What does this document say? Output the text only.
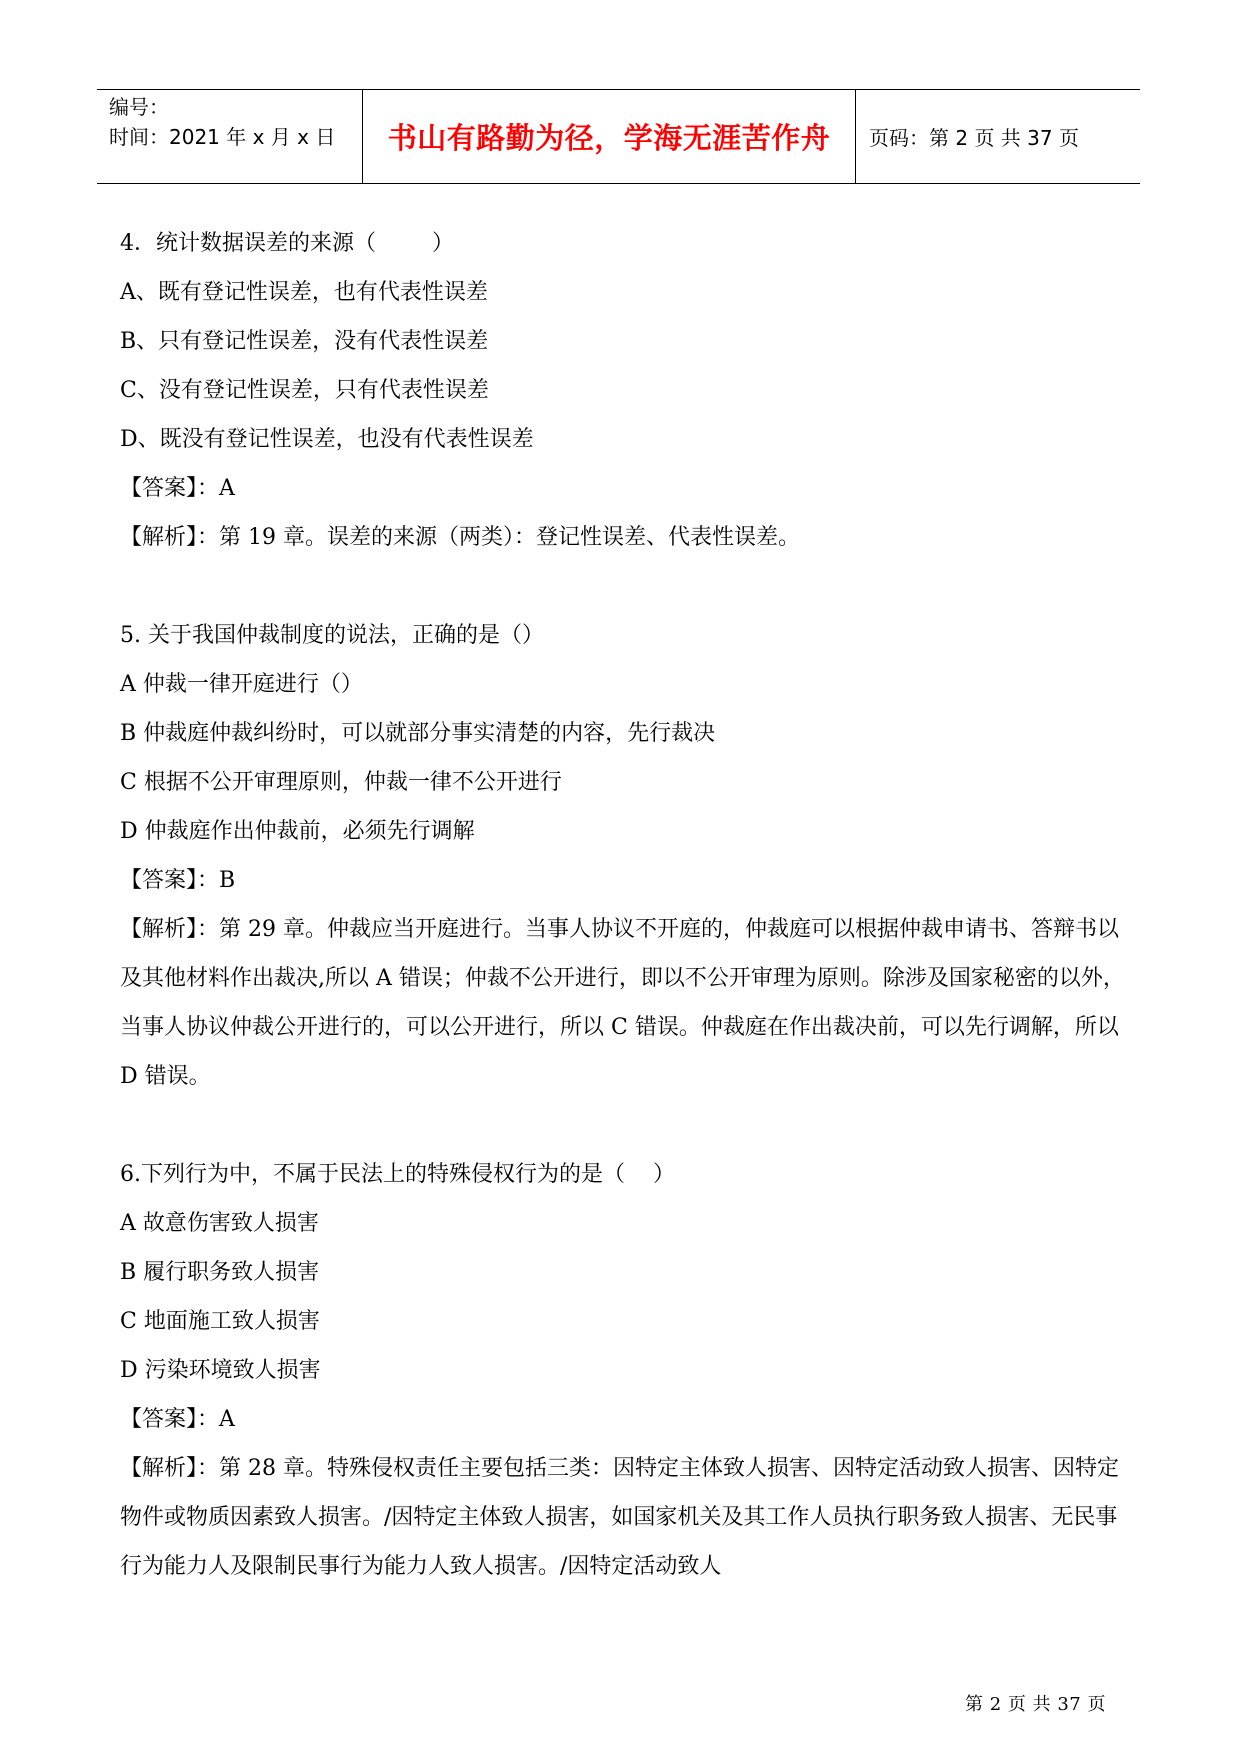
编号：
时间：2021 年 x 月 x 日	书山有路勤为径，学海无涯苦作舟	页码：第 2 页 共 37 页
4．统计数据误差的来源（        ）
A、既有登记性误差，也有代表性误差
B、只有登记性误差，没有代表性误差
C、没有登记性误差，只有代表性误差
D、既没有登记性误差，也没有代表性误差
【答案】：A
【解析】：第 19 章。误差的来源（两类）：登记性误差、代表性误差。
5. 关于我国仲裁制度的说法，正确的是（）
A 仲裁一律开庭进行（）
B 仲裁庭仲裁纠纷时，可以就部分事实清楚的内容，先行裁决
C 根据不公开审理原则，仲裁一律不公开进行
D 仲裁庭作出仲裁前，必须先行调解
【答案】：B
【解析】：第 29 章。仲裁应当开庭进行。当事人协议不开庭的，仲裁庭可以根据仲裁申请书、答辩书以及其他材料作出裁决,所以 A 错误；仲裁不公开进行，即以不公开审理为原则。除涉及国家秘密的以外，当事人协议仲裁公开进行的，可以公开进行，所以 C 错误。仲裁庭在作出裁决前，可以先行调解，所以 D 错误。
6.下列行为中，不属于民法上的特殊侵权行为的是（    ）
A 故意伤害致人损害
B 履行职务致人损害
C 地面施工致人损害
D 污染环境致人损害
【答案】：A
【解析】：第 28 章。特殊侵权责任主要包括三类：因特定主体致人损害、因特定活动致人损害、因特定物件或物质因素致人损害。/因特定主体致人损害，如国家机关及其工作人员执行职务致人损害、无民事行为能力人及限制民事行为能力人致人损害。/因特定活动致人
第 2 页 共 37 页
